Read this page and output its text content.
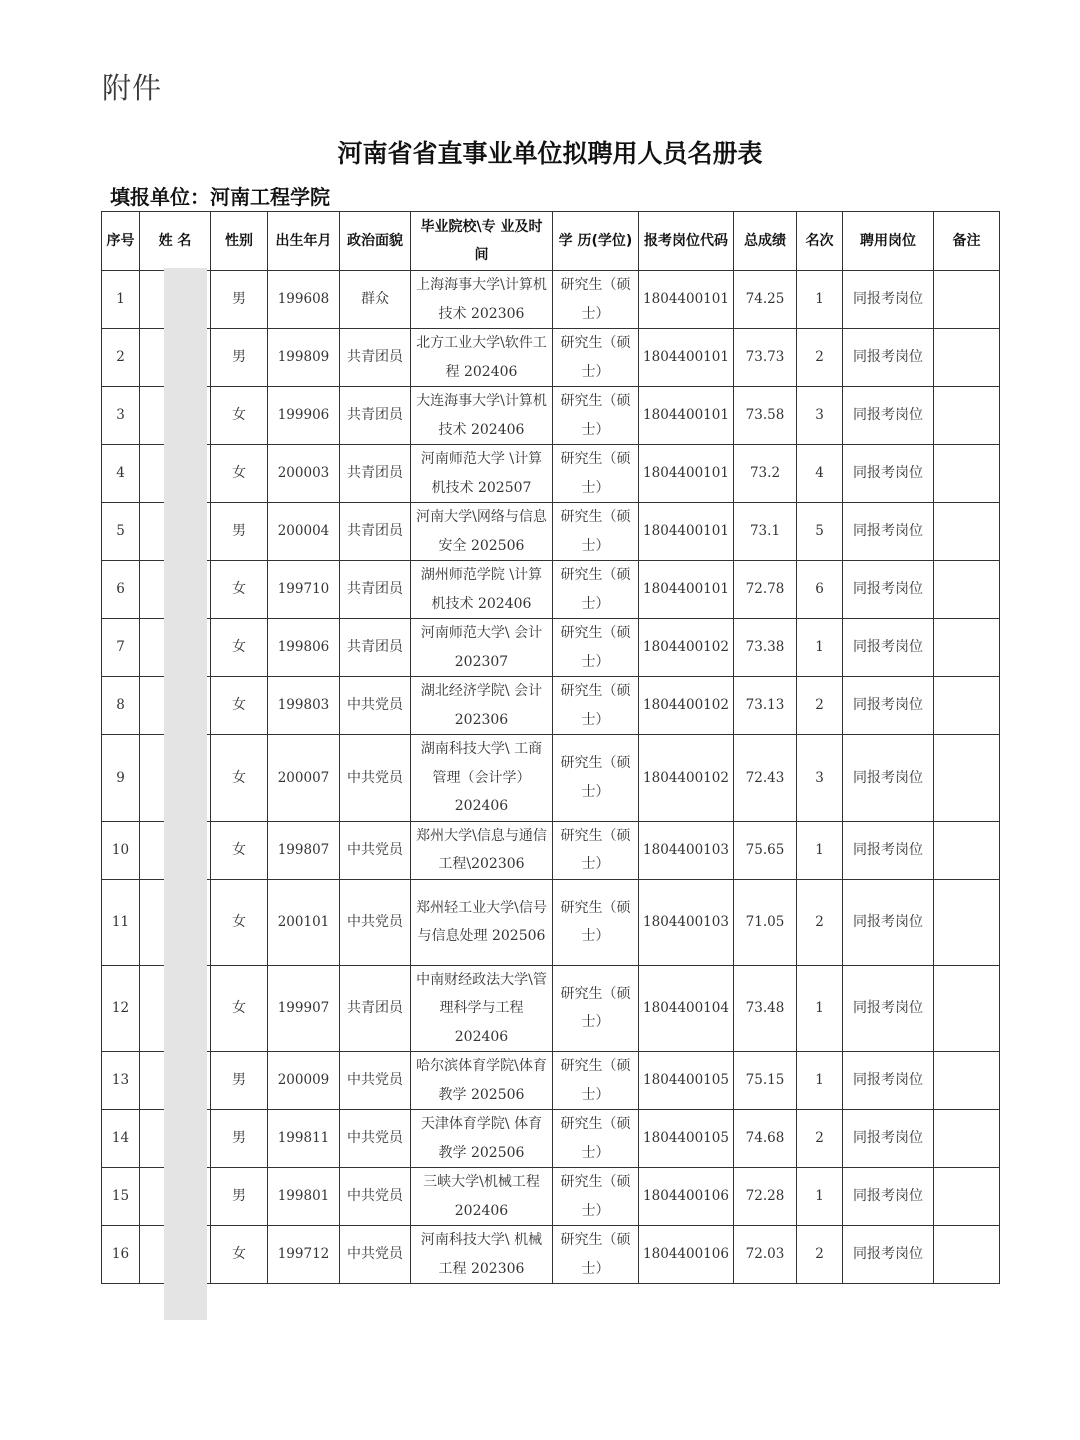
附件
河南省省直事业单位拟聘用人员名册表
填报单位：河南工程学院
序号	姓 名	性别	出生年月	政治面貌	毕业院校\专 业及时间	学 历(学位)	报考岗位代码	总成绩	名次	聘用岗位	备注
1		男	199608	群众	上海海事大学\计算机技术 202306	研究生（硕士）	1804400101	74.25	1	同报考岗位	
2		男	199809	共青团员	北方工业大学\软件工程 202406	研究生（硕士）	1804400101	73.73	2	同报考岗位	
3		女	199906	共青团员	大连海事大学\计算机技术 202406	研究生（硕士）	1804400101	73.58	3	同报考岗位	
4		女	200003	共青团员	河南师范大学 \计算机技术 202507	研究生（硕士）	1804400101	73.2	4	同报考岗位	
5		男	200004	共青团员	河南大学\网络与信息安全 202506	研究生（硕士）	1804400101	73.1	5	同报考岗位	
6		女	199710	共青团员	湖州师范学院 \计算机技术 202406	研究生（硕士）	1804400101	72.78	6	同报考岗位	
7		女	199806	共青团员	河南师范大学\ 会计 202307	研究生（硕士）	1804400102	73.38	1	同报考岗位	
8		女	199803	中共党员	湖北经济学院\ 会计 202306	研究生（硕士）	1804400102	73.13	2	同报考岗位	
9		女	200007	中共党员	湖南科技大学\ 工商管理（会计学）202406	研究生（硕士）	1804400102	72.43	3	同报考岗位	
10		女	199807	中共党员	郑州大学\信息与通信工程\202306	研究生（硕士）	1804400103	75.65	1	同报考岗位	
11		女	200101	中共党员	郑州轻工业大学\信号与信息处理 202506	研究生（硕士）	1804400103	71.05	2	同报考岗位	
12		女	199907	共青团员	中南财经政法大学\管理科学与工程 202406	研究生（硕士）	1804400104	73.48	1	同报考岗位	
13		男	200009	中共党员	哈尔滨体育学院\体育教学 202506	研究生（硕士）	1804400105	75.15	1	同报考岗位	
14		男	199811	中共党员	天津体育学院\ 体育教学 202506	研究生（硕士）	1804400105	74.68	2	同报考岗位	
15		男	199801	中共党员	三峡大学\机械工程 202406	研究生（硕士）	1804400106	72.28	1	同报考岗位	
16		女	199712	中共党员	河南科技大学\ 机械工程 202306	研究生（硕士）	1804400106	72.03	2	同报考岗位	
